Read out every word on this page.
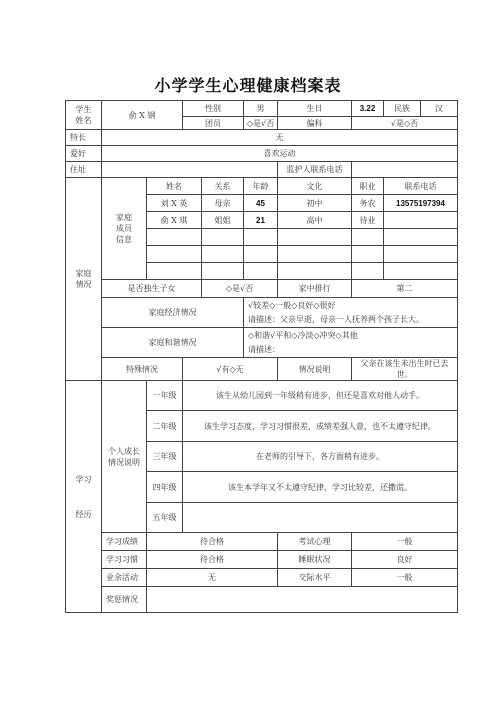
小学学生心理健康档案表
学生姓名	俞 X 钢		性别		男	生日	3.22	民族 汉

			团员		◇是√否	偏科	√是◇否	
特长	无							
爱好	喜欢运动							
住址						监护人联系电话		
家庭情况	家庭成员信息	姓名		关系	年龄	文化	职业	联系电话
		刘 X 英		母亲	45	初中	务农	13575197394
		俞 X 琪		姐姐	21	高中	待业	

	是否独生子女			◇是√否		家中排行	第二	
	家庭经济情况				√较差◇一般◇良好◇很好
请描述：父亲早逝，母亲一人抚养两个孩子长大。			

	家庭和谐情况				◇和谐√平和◇冷淡◇冲突◇其他
请描述：			

	特殊情况		√有◇无			情况说明	父亲在该生未出生时已去世。	

学习
经历	个人成长情况说明	一年级	该生从幼儿园到一年级稍有进步，但还是喜欢对他人动手。					
		二年级	该生学习态度，学习习惯很差，成绩差强人意，也不太遵守纪律。					
		三年级	在老师的引导下，各方面稍有进步。					
		四年级	该生本学年又不太遵守纪律，学习比较差，还撒谎。					
		五年级						
	学习成绩	待合格				考试心理	一般	
	学习习惯	待合格				睡眠状况	良好	
	业余活动	无				交际水平	一般	
	奖惩情况							
